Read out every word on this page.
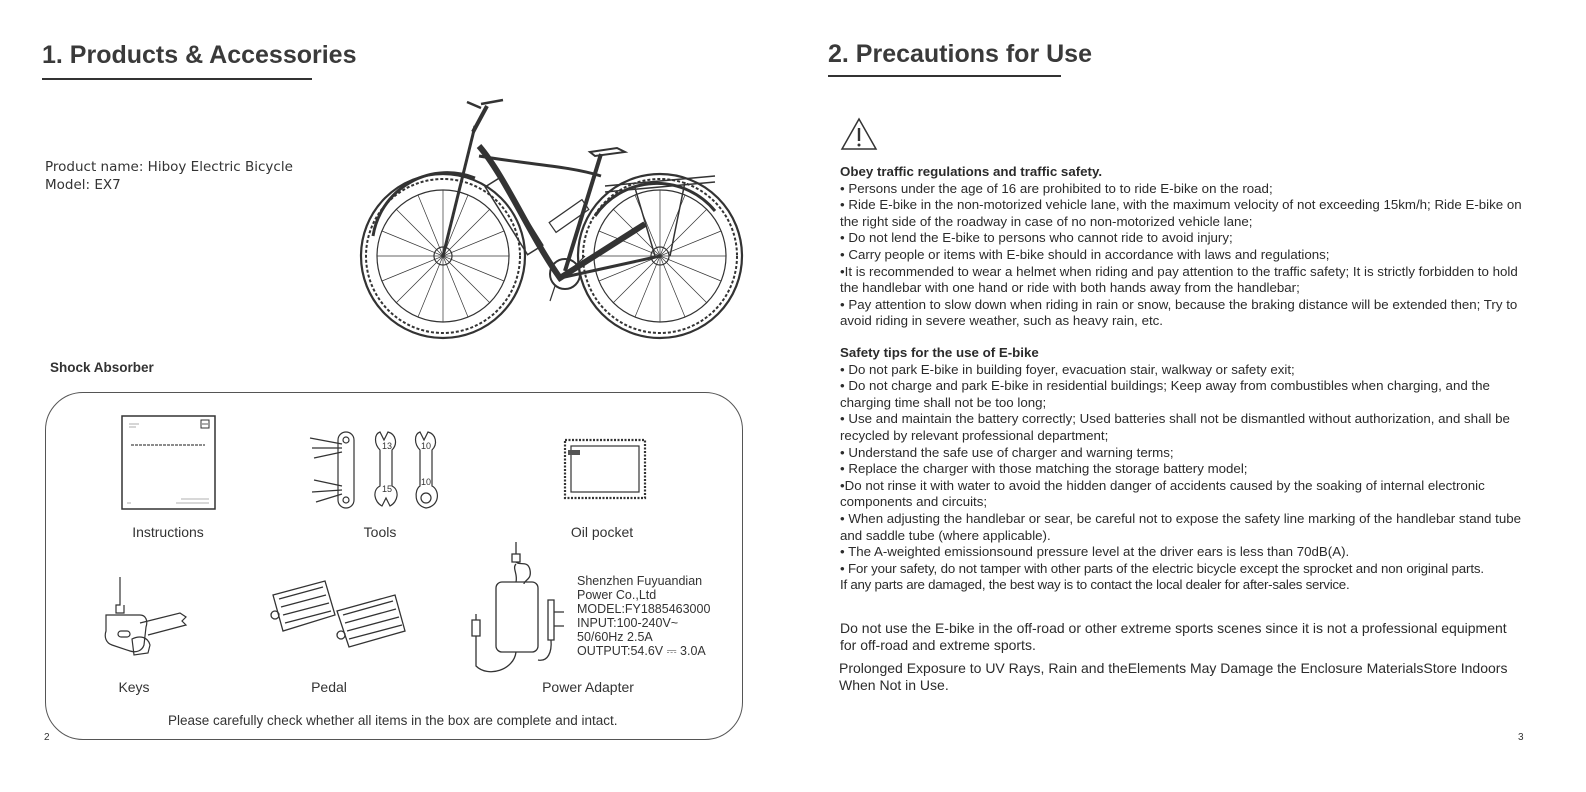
1. Products & Accessories
Product name: Hiboy Electric Bicycle
Model: EX7
Shock Absorber
13
15
10
10
Shenzhen Fuyuandian
Power Co.,Ltd
MODEL:FY1885463000
INPUT:100-240V~
50/60Hz 2.5A
OUTPUT:54.6V ⎓ 3.0A
Instructions	Tools	Oil pocket
Keys	Pedal	Power Adapter
Please carefully check whether all items in the box are complete and intact.
2
2. Precautions for Use

Obey traffic regulations and traffic safety.

• Persons under the age of 16 are prohibited to to ride E-bike on the road;

• Ride E-bike in the non-motorized vehicle lane, with the maximum velocity of not exceeding 15km/h; Ride E-bike on the right side of the roadway in case of no non-motorized vehicle lane;

• Do not lend the E-bike to persons who cannot ride to avoid injury;

• Carry people or items with E-bike should in accordance with laws and regulations;

•It is recommended to wear a helmet when riding and pay attention to the traffic safety; It is strictly forbidden to hold the handlebar with one hand or ride with both hands away from the handlebar;

• Pay attention to slow down when riding in rain or snow, because the braking distance will be extended then; Try to avoid riding in severe weather, such as heavy rain, etc.

Safety tips for the use of E-bike

• Do not park E-bike in building foyer, evacuation stair, walkway or safety exit;

• Do not charge and park E-bike in residential buildings; Keep away from combustibles when charging, and the charging time shall not be too long;

• Use and maintain the battery correctly; Used batteries shall not be dismantled without authorization, and shall be recycled by relevant professional department;

• Understand the safe use of charger and warning terms;

• Replace the charger with those matching the storage battery model;

•Do not rinse it with water to avoid the hidden danger of accidents caused by the soaking of internal electronic components and circuits;

• When adjusting the handlebar or sear, be careful not to expose the safety line marking of the handlebar stand tube and saddle tube (where applicable).

• The A-weighted emissionsound pressure level at the driver ears is less than 70dB(A).

• For your safety, do not tamper with other parts of the electric bicycle except the sprocket and non original parts.

If any parts are damaged, the best way is to contact the local dealer for after-sales service.

Do not use the E-bike in the off-road or other extreme sports scenes since it is not a professional equipment for off-road and extreme sports.
Prolonged Exposure to UV Rays, Rain and theElements May Damage the Enclosure MaterialsStore Indoors When Not in Use.
3
